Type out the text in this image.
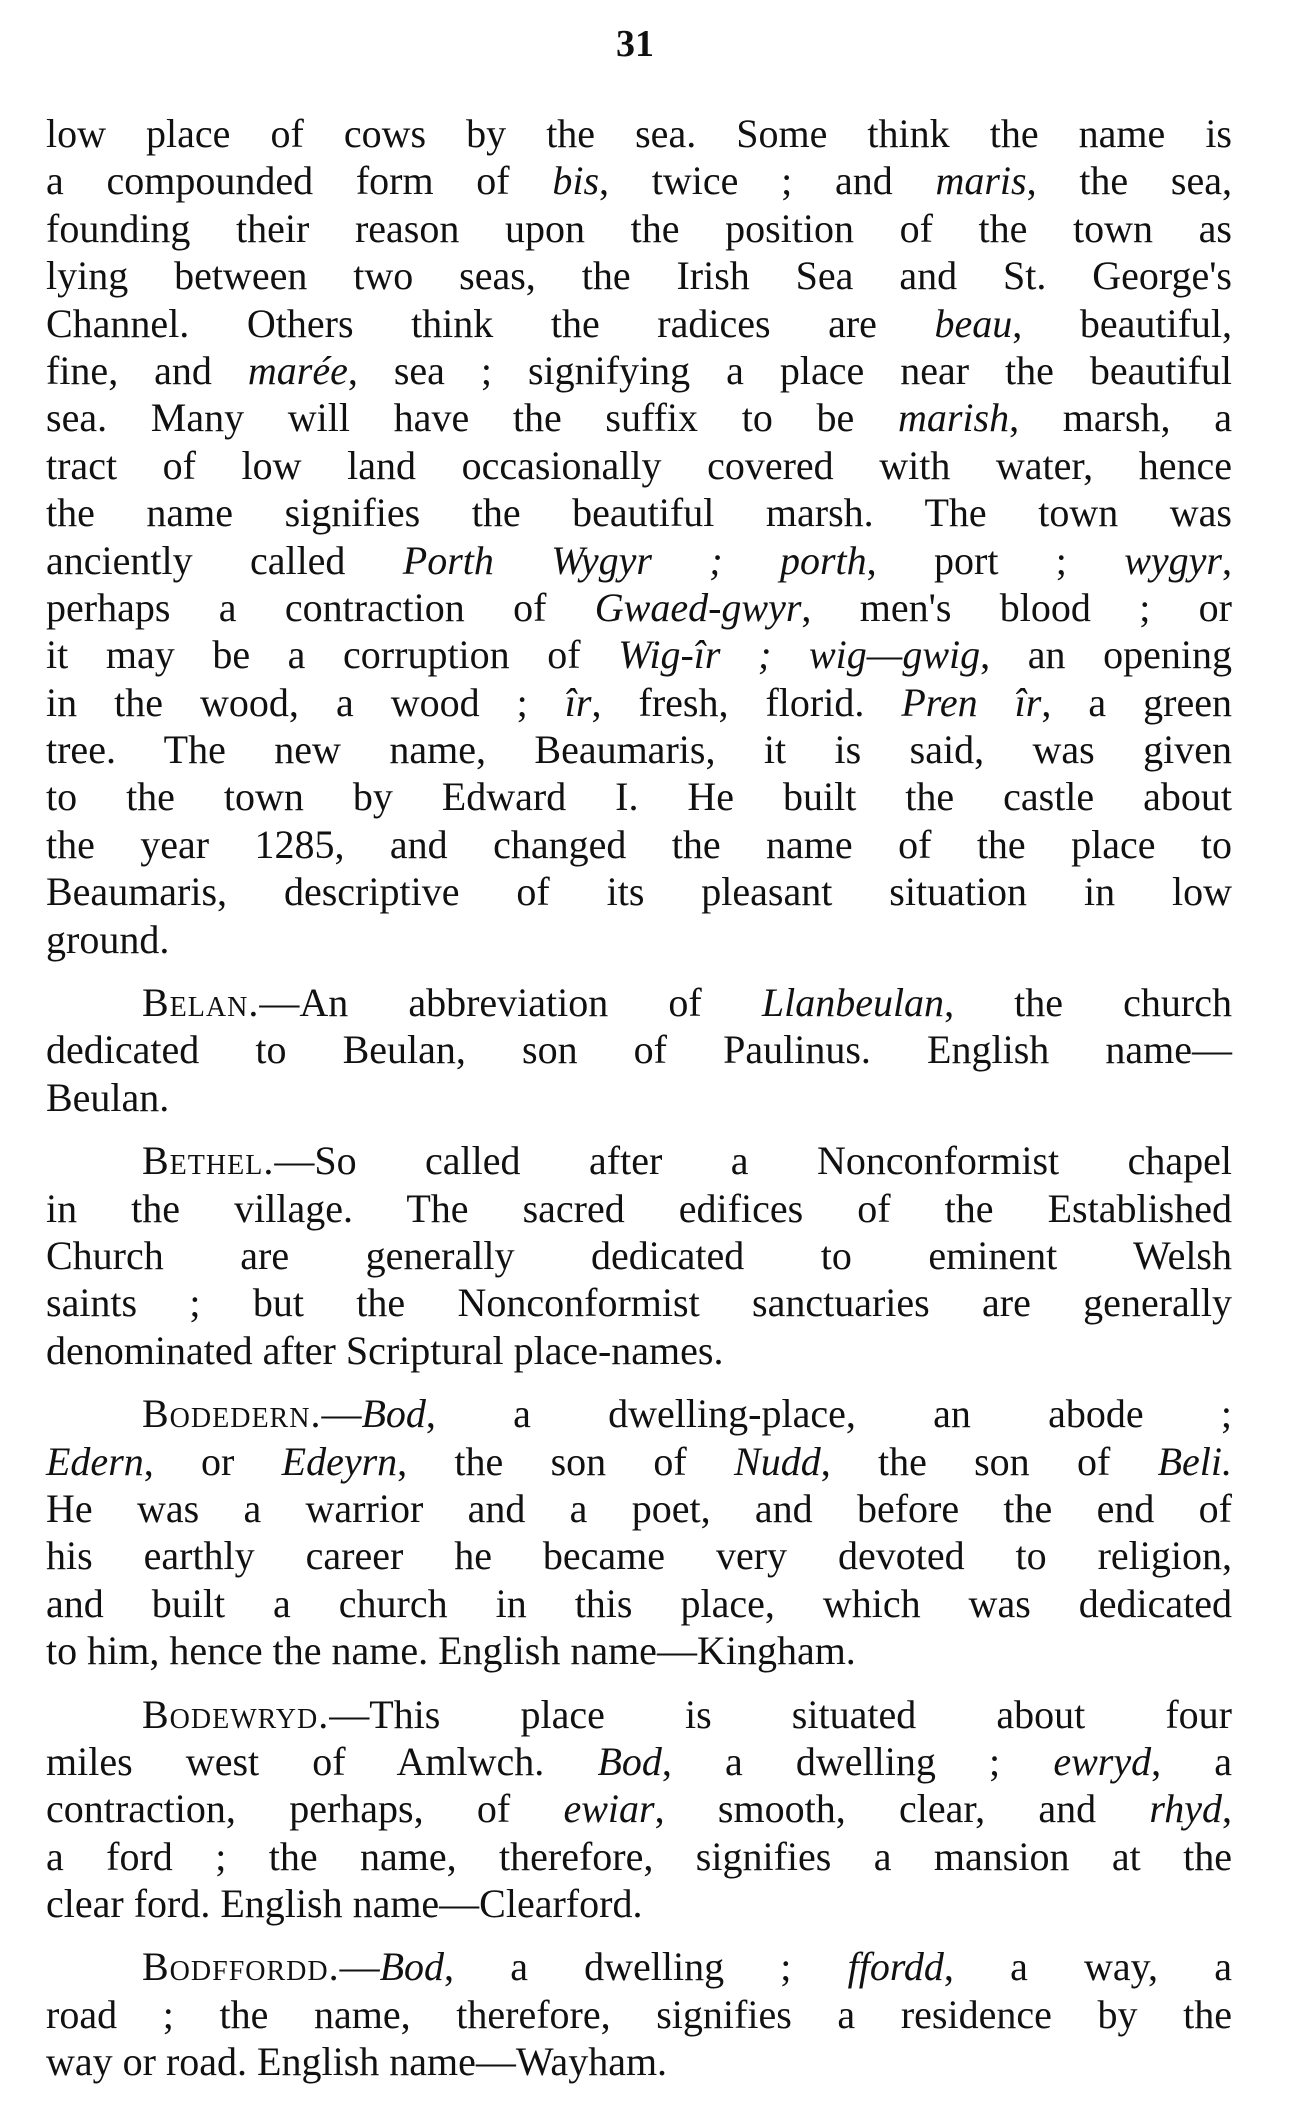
31
low place of cows by the sea. Some think the name is
a compounded form of bis, twice ; and maris, the sea,
founding their reason upon the position of the town as
lying between two seas, the Irish Sea and St. George's
Channel. Others think the radices are beau, beautiful,
fine, and marée, sea ; signifying a place near the beautiful
sea. Many will have the suffix to be marish, marsh, a
tract of low land occasionally covered with water, hence
the name signifies the beautiful marsh. The town was
anciently called Porth Wygyr ; porth, port ; wygyr,
perhaps a contraction of Gwaed-gwyr, men's blood ; or
it may be a corruption of Wig-îr ; wig—gwig, an opening
in the wood, a wood ; îr, fresh, florid. Pren îr, a green
tree. The new name, Beaumaris, it is said, was given
to the town by Edward I. He built the castle about
the year 1285, and changed the name of the place to
Beaumaris, descriptive of its pleasant situation in low
ground.
Belan.—An abbreviation of Llanbeulan, the church
dedicated to Beulan, son of Paulinus. English name—
Beulan.
Bethel.—So called after a Nonconformist chapel
in the village. The sacred edifices of the Established
Church are generally dedicated to eminent Welsh
saints ; but the Nonconformist sanctuaries are generally
denominated after Scriptural place-names.
Bodedern.—Bod, a dwelling-place, an abode ;
Edern, or Edeyrn, the son of Nudd, the son of Beli.
He was a warrior and a poet, and before the end of
his earthly career he became very devoted to religion,
and built a church in this place, which was dedicated
to him, hence the name. English name—Kingham.
Bodewryd.—This place is situated about four
miles west of Amlwch. Bod, a dwelling ; ewryd, a
contraction, perhaps, of ewiar, smooth, clear, and rhyd,
a ford ; the name, therefore, signifies a mansion at the
clear ford. English name—Clearford.
Bodffordd.—Bod, a dwelling ; ffordd, a way, a
road ; the name, therefore, signifies a residence by the
way or road. English name—Wayham.
